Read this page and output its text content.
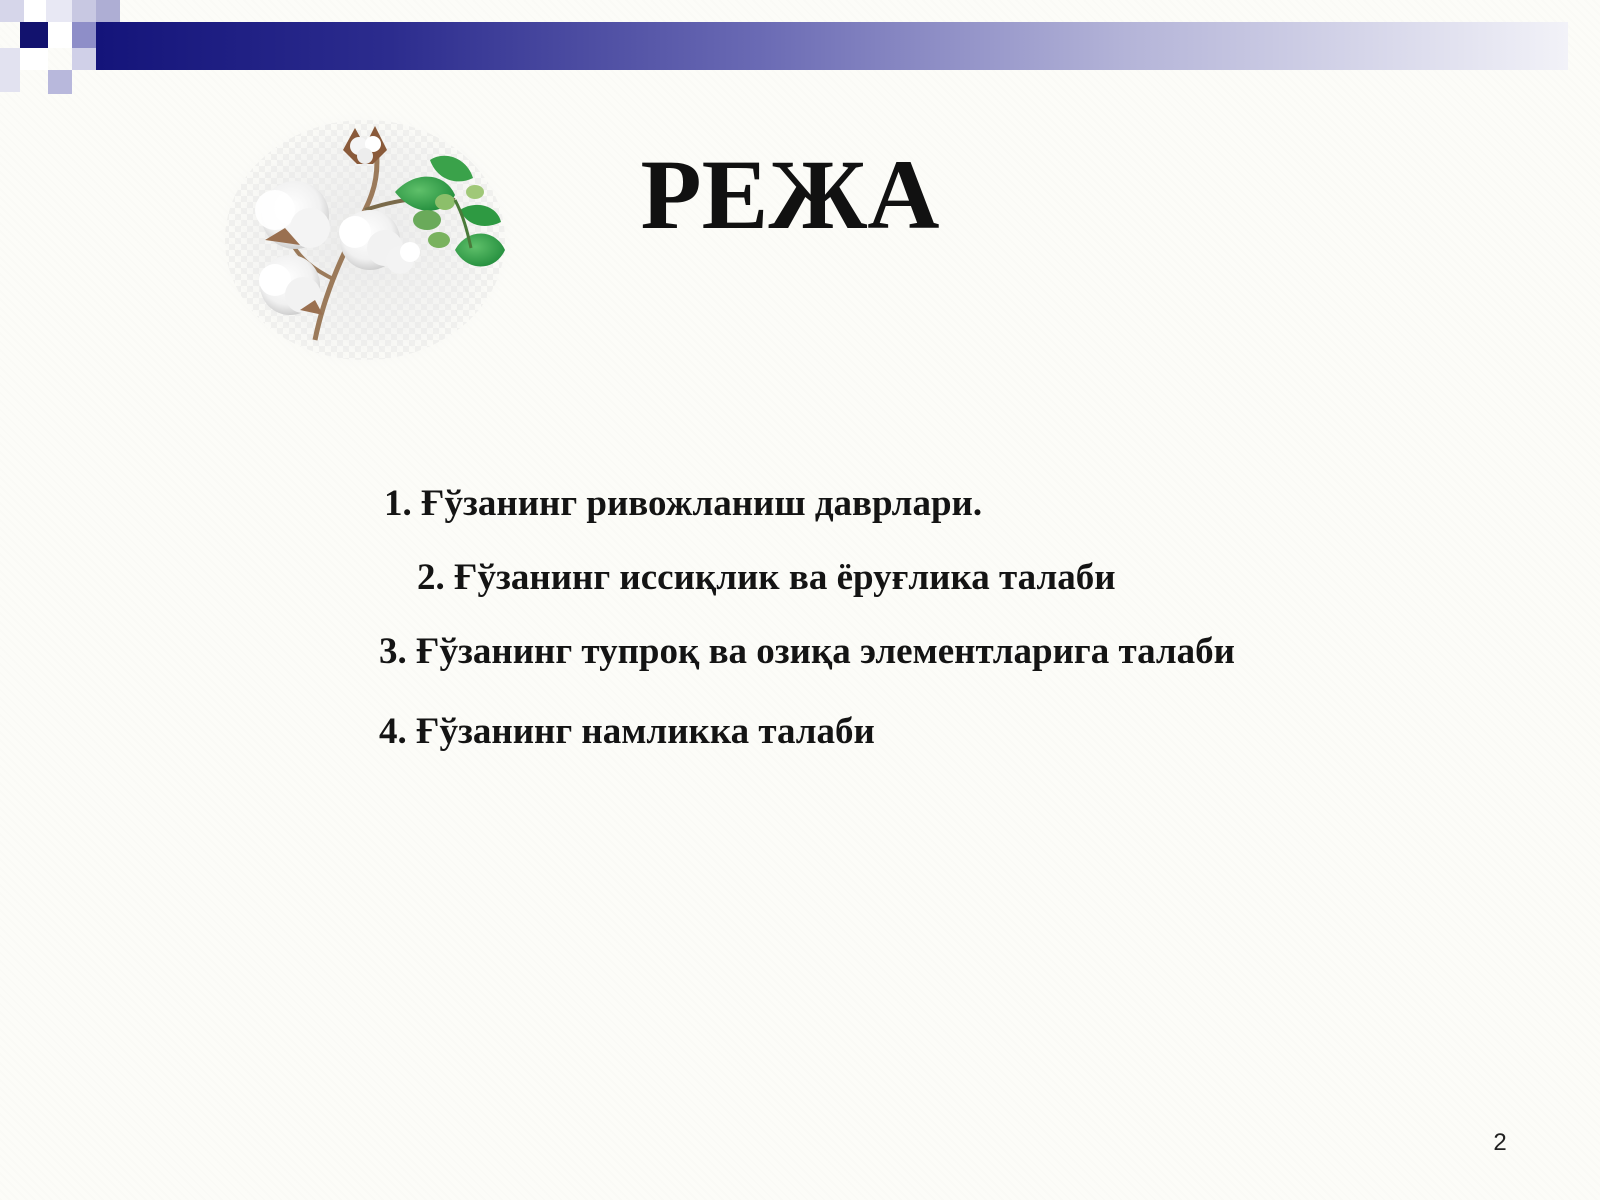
РЕЖА
1. Ғўзанинг ривожланиш даврлари.
2. Ғўзанинг иссиқлик ва ёруғлика талаби
3. Ғўзанинг тупроқ ва озиқа элементларига талаби
4. Ғўзанинг намликка талаби
2
